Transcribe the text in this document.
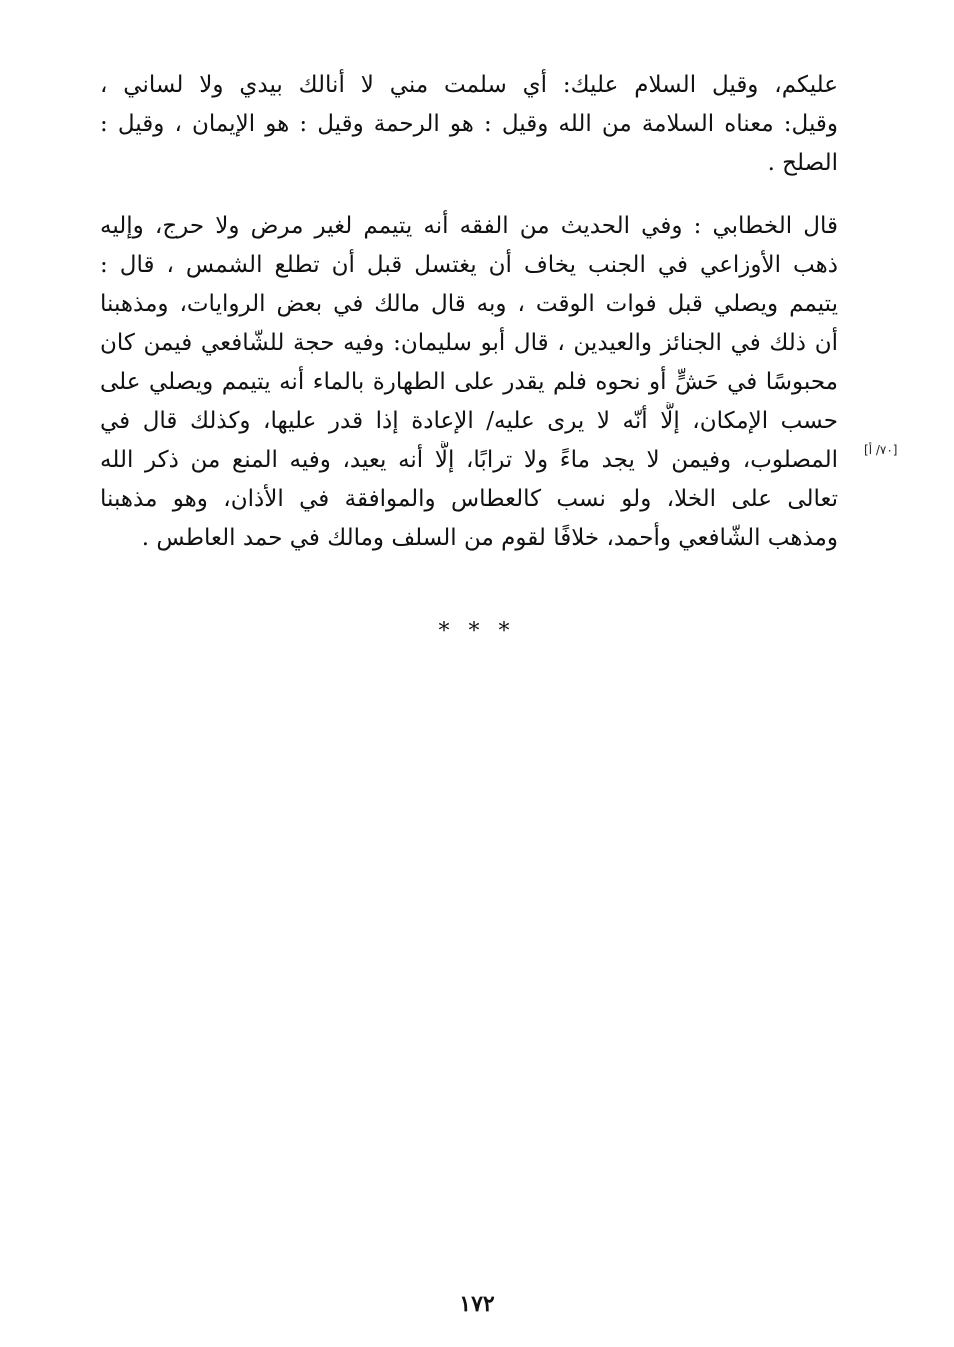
عليكم، وقيل السلام عليك: أي سلمت مني لا أنالك بيدي ولا لساني ،
وقيل: معناه السلامة من الله وقيل : هو الرحمة وقيل : هو الإيمان ، وقيل :
الصلح .
قال الخطابي : وفي الحديث من الفقه أنه يتيمم لغير مرض ولا حرج، وإليه
ذهب الأوزاعي في الجنب يخاف أن يغتسل قبل أن تطلع الشمس ، قال :
يتيمم ويصلي قبل فوات الوقت ، وبه قال مالك في بعض الروايات، ومذهبنا
أن ذلك في الجنائز والعيدين ، قال أبو سليمان: وفيه حجة للشّافعي فيمن كان
محبوسًا في حَشٍّ أو نحوه فلم يقدر على الطهارة بالماء أنه يتيمم ويصلي على
حسب الإمكان، إلَّا أنّه لا يرى عليه/ الإعادة إذا قدر عليها، وكذلك قال في
المصلوب، وفيمن لا يجد ماءً ولا ترابًا، إلَّا أنه يعيد، وفيه المنع من ذكر الله
تعالى على الخلا، ولو نسب كالعطاس والموافقة في الأذان، وهو مذهبنا
ومذهب الشّافعي وأحمد، خلافًا لقوم من السلف ومالك في حمد العاطس .
[٧٠/ أ]
* * *
١٧٢
